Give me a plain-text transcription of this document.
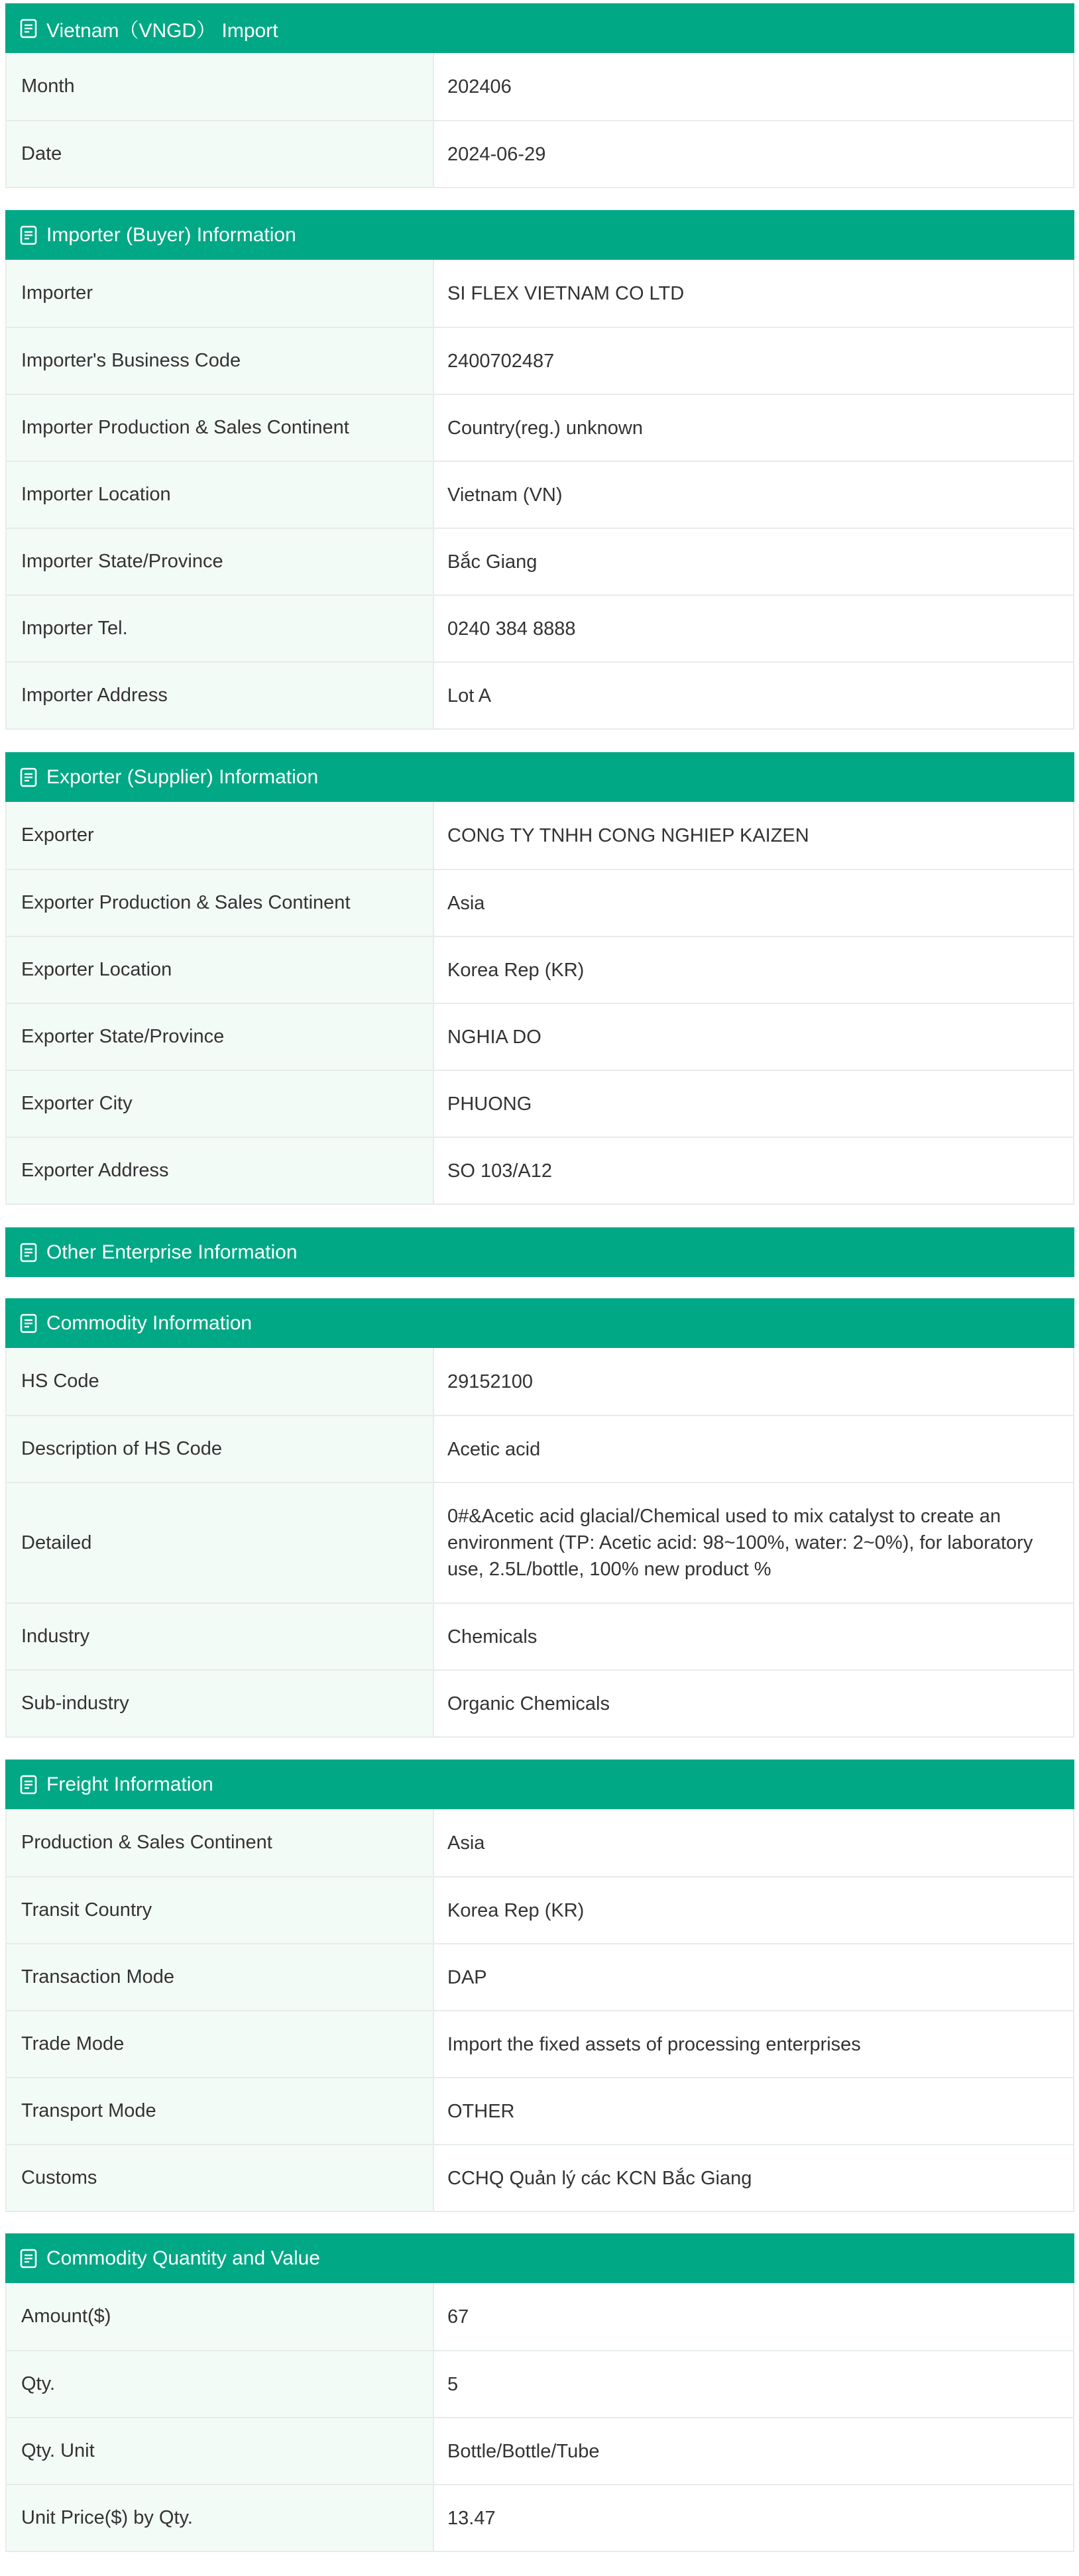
Vietnam（VNGD） Import
Month	202406
Date	2024-06-29
Importer (Buyer) Information
Importer	SI FLEX VIETNAM CO LTD
Importer's Business Code	2400702487
Importer Production & Sales Continent	Country(reg.) unknown
Importer Location	Vietnam (VN)
Importer State/Province	Bắc Giang
Importer Tel.	0240 384 8888
Importer Address	Lot A
Exporter (Supplier) Information
Exporter	CONG TY TNHH CONG NGHIEP KAIZEN
Exporter Production & Sales Continent	Asia
Exporter Location	Korea Rep (KR)
Exporter State/Province	NGHIA DO
Exporter City	PHUONG
Exporter Address	SO 103/A12
Other Enterprise Information
Commodity Information
HS Code	29152100
Description of HS Code	Acetic acid
Detailed
0#&Acetic acid glacial/Chemical used to mix catalyst to create an environment (TP: Acetic acid: 98~100%, water: 2~0%), for laboratory use, 2.5L/bottle, 100% new product %
Industry	Chemicals
Sub-industry	Organic Chemicals
Freight Information
Production & Sales Continent	Asia
Transit Country	Korea Rep (KR)
Transaction Mode	DAP
Trade Mode	Import the fixed assets of processing enterprises
Transport Mode	OTHER
Customs	CCHQ Quản lý các KCN Bắc Giang
Commodity Quantity and Value
Amount($)	67
Qty.	5
Qty. Unit	Bottle/Bottle/Tube
Unit Price($) by Qty.	13.47
